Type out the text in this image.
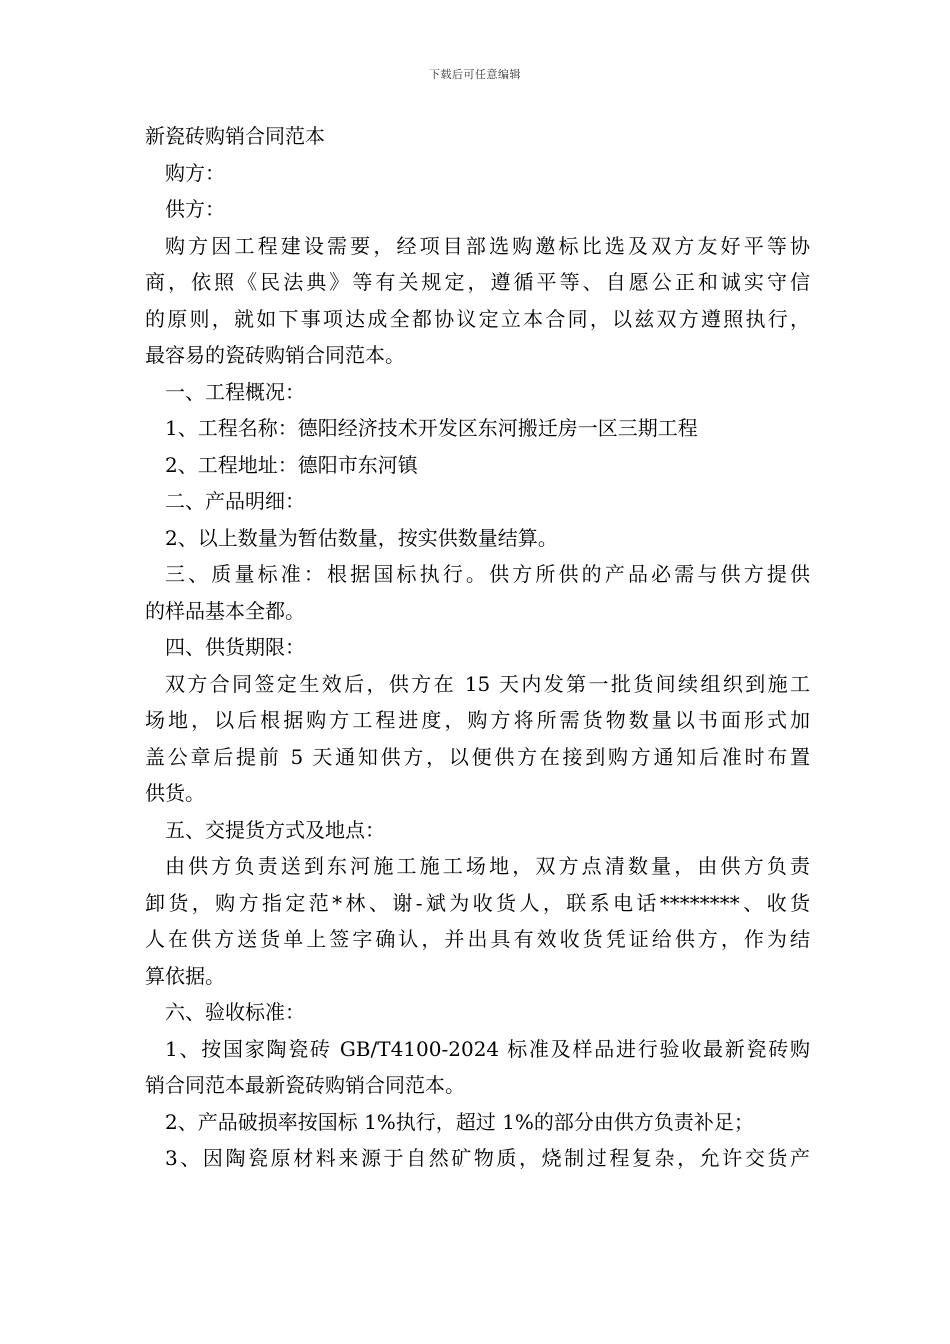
下载后可任意编辑
新瓷砖购销合同范本
购方：
供方：
购方因工程建设需要，经项目部选购邀标比选及双方友好平等协
商，依照《民法典》等有关规定，遵循平等、自愿公正和诚实守信
的原则，就如下事项达成全都协议定立本合同，以兹双方遵照执行，
最容易的瓷砖购销合同范本。
一、工程概况：
1、工程名称：德阳经济技术开发区东河搬迁房一区三期工程
2、工程地址：德阳市东河镇
二、产品明细：
2、以上数量为暂估数量，按实供数量结算。
三、质量标准：根据国标执行。供方所供的产品必需与供方提供
的样品基本全都。
四、供货期限：
双方合同签定生效后，供方在 15 天内发第一批货间续组织到施工
场地，以后根据购方工程进度，购方将所需货物数量以书面形式加
盖公章后提前 5 天通知供方，以便供方在接到购方通知后准时布置
供货。
五、交提货方式及地点：
由供方负责送到东河施工施工场地，双方点清数量，由供方负责
卸货，购方指定范*林、谢-斌为收货人，联系电话********、收货
人在供方送货单上签字确认，并出具有效收货凭证给供方，作为结
算依据。
六、验收标准：
1、按国家陶瓷砖 GB/T4100-2024 标准及样品进行验收最新瓷砖购
销合同范本最新瓷砖购销合同范本。
2、产品破损率按国标 1%执行，超过 1%的部分由供方负责补足；
3、因陶瓷原材料来源于自然矿物质，烧制过程复杂，允许交货产
